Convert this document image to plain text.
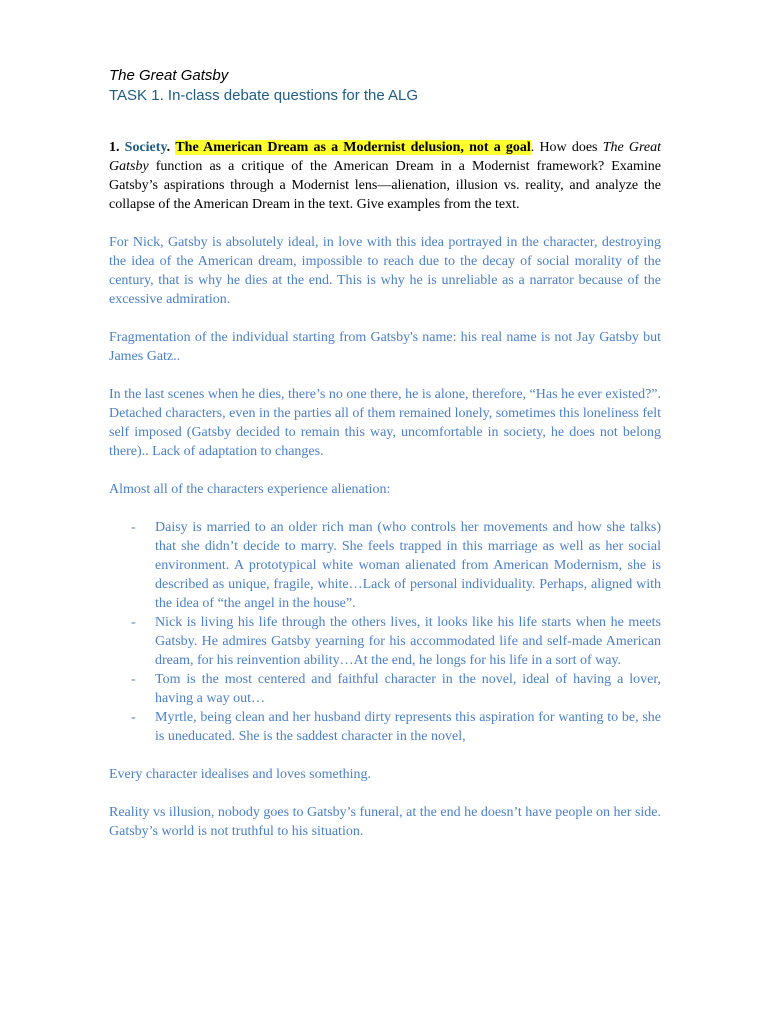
The Great Gatsby
TASK 1. In-class debate questions for the ALG

1. Society. The American Dream as a Modernist delusion, not a goal. How does The Great Gatsby function as a critique of the American Dream in a Modernist framework? Examine Gatsby’s aspirations through a Modernist lens—alienation, illusion vs. reality, and analyze the collapse of the American Dream in the text. Give examples from the text.

For Nick, Gatsby is absolutely ideal, in love with this idea portrayed in the character, destroying the idea of the American dream, impossible to reach due to the decay of social morality of the century, that is why he dies at the end. This is why he is unreliable as a narrator because of the excessive admiration.

Fragmentation of the individual starting from Gatsby's name: his real name is not Jay Gatsby but James Gatz..

In the last scenes when he dies, there’s no one there, he is alone, therefore, “Has he ever existed?”. Detached characters, even in the parties all of them remained lonely, sometimes this loneliness felt self imposed (Gatsby decided to remain this way, uncomfortable in society, he does not belong there).. Lack of adaptation to changes.

Almost all of the characters experience alienation:

- Daisy is married to an older rich man (who controls her movements and how she talks) that she didn’t decide to marry. She feels trapped in this marriage as well as her social environment. A prototypical white woman alienated from American Modernism, she is described as unique, fragile, white…Lack of personal individuality. Perhaps, aligned with the idea of “the angel in the house”.
- Nick is living his life through the others lives, it looks like his life starts when he meets Gatsby. He admires Gatsby yearning for his accommodated life and self-made American dream, for his reinvention ability…At the end, he longs for his life in a sort of way.
- Tom is the most centered and faithful character in the novel, ideal of having a lover, having a way out…
- Myrtle, being clean and her husband dirty represents this aspiration for wanting to be, she is uneducated. She is the saddest character in the novel,

Every character idealises and loves something.

Reality vs illusion, nobody goes to Gatsby’s funeral, at the end he doesn’t have people on her side. Gatsby’s world is not truthful to his situation.
